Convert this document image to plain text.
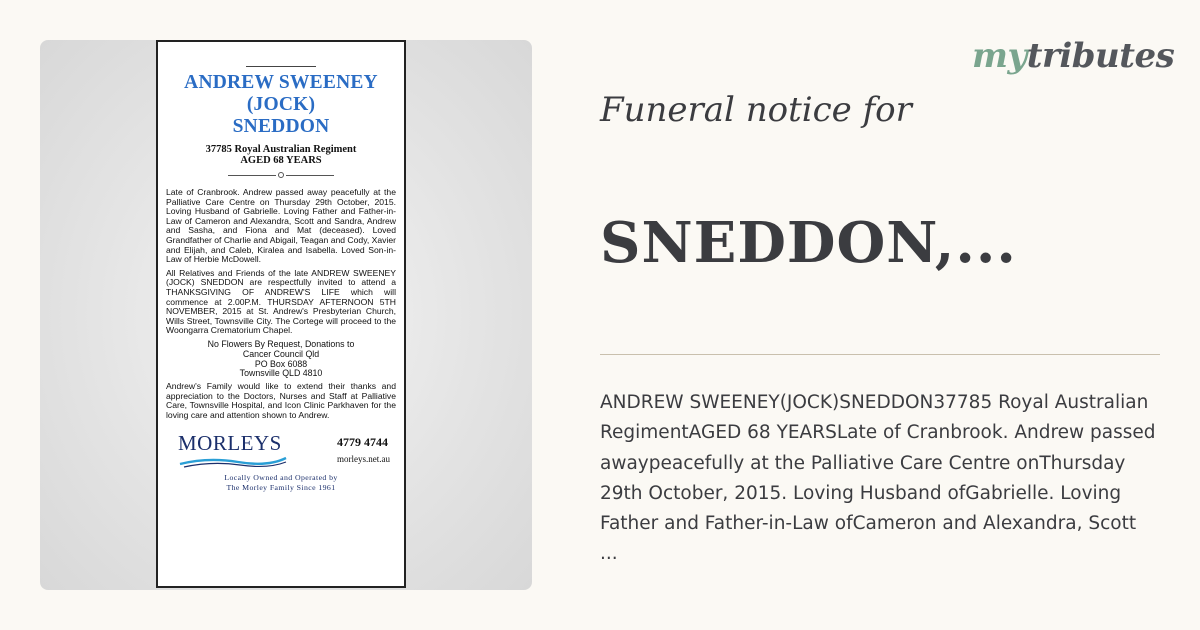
ANDREW SWEENEY
(JOCK)
SNEDDON
37785 Royal Australian Regiment
AGED 68 YEARS

Late of Cranbrook. Andrew passed away peacefully at the Palliative Care Centre on Thursday 29th October, 2015. Loving Husband of Gabrielle. Loving Father and Father-in-Law of Cameron and Alexandra, Scott and Sandra, Andrew and Sasha, and Fiona and Mat (deceased). Loved Grandfather of Charlie and Abigail, Teagan and Cody, Xavier and Elijah, and Caleb, Kiralea and Isabella. Loved Son-in-Law of Herbie McDowell.

All Relatives and Friends of the late ANDREW SWEENEY (JOCK) SNEDDON are respectfully invited to attend a THANKSGIVING OF ANDREW'S LIFE which will commence at 2.00P.M. THURSDAY AFTERNOON 5TH NOVEMBER, 2015 at St. Andrew's Presbyterian Church, Wills Street, Townsville City. The Cortege will proceed to the Woongarra Crematorium Chapel.

No Flowers By Request, Donations to
Cancer Council Qld
PO Box 6088
Townsville QLD 4810

Andrew's Family would like to extend their thanks and appreciation to the Doctors, Nurses and Staff at Palliative Care, Townsville Hospital, and Icon Clinic Parkhaven for the loving care and attention shown to Andrew.

MORLEYS	4779 4744
morleys.net.au
Locally Owned and Operated by
The Morley Family Since 1961
mytributes
Funeral notice for
SNEDDON,...
ANDREW SWEENEY(JOCK)SNEDDON37785 Royal Australian
RegimentAGED 68 YEARSLate of Cranbrook. Andrew passed
awaypeacefully at the Palliative Care Centre onThursday
29th October, 2015. Loving Husband ofGabrielle. Loving
Father and Father-in-Law ofCameron and Alexandra, Scott
...
